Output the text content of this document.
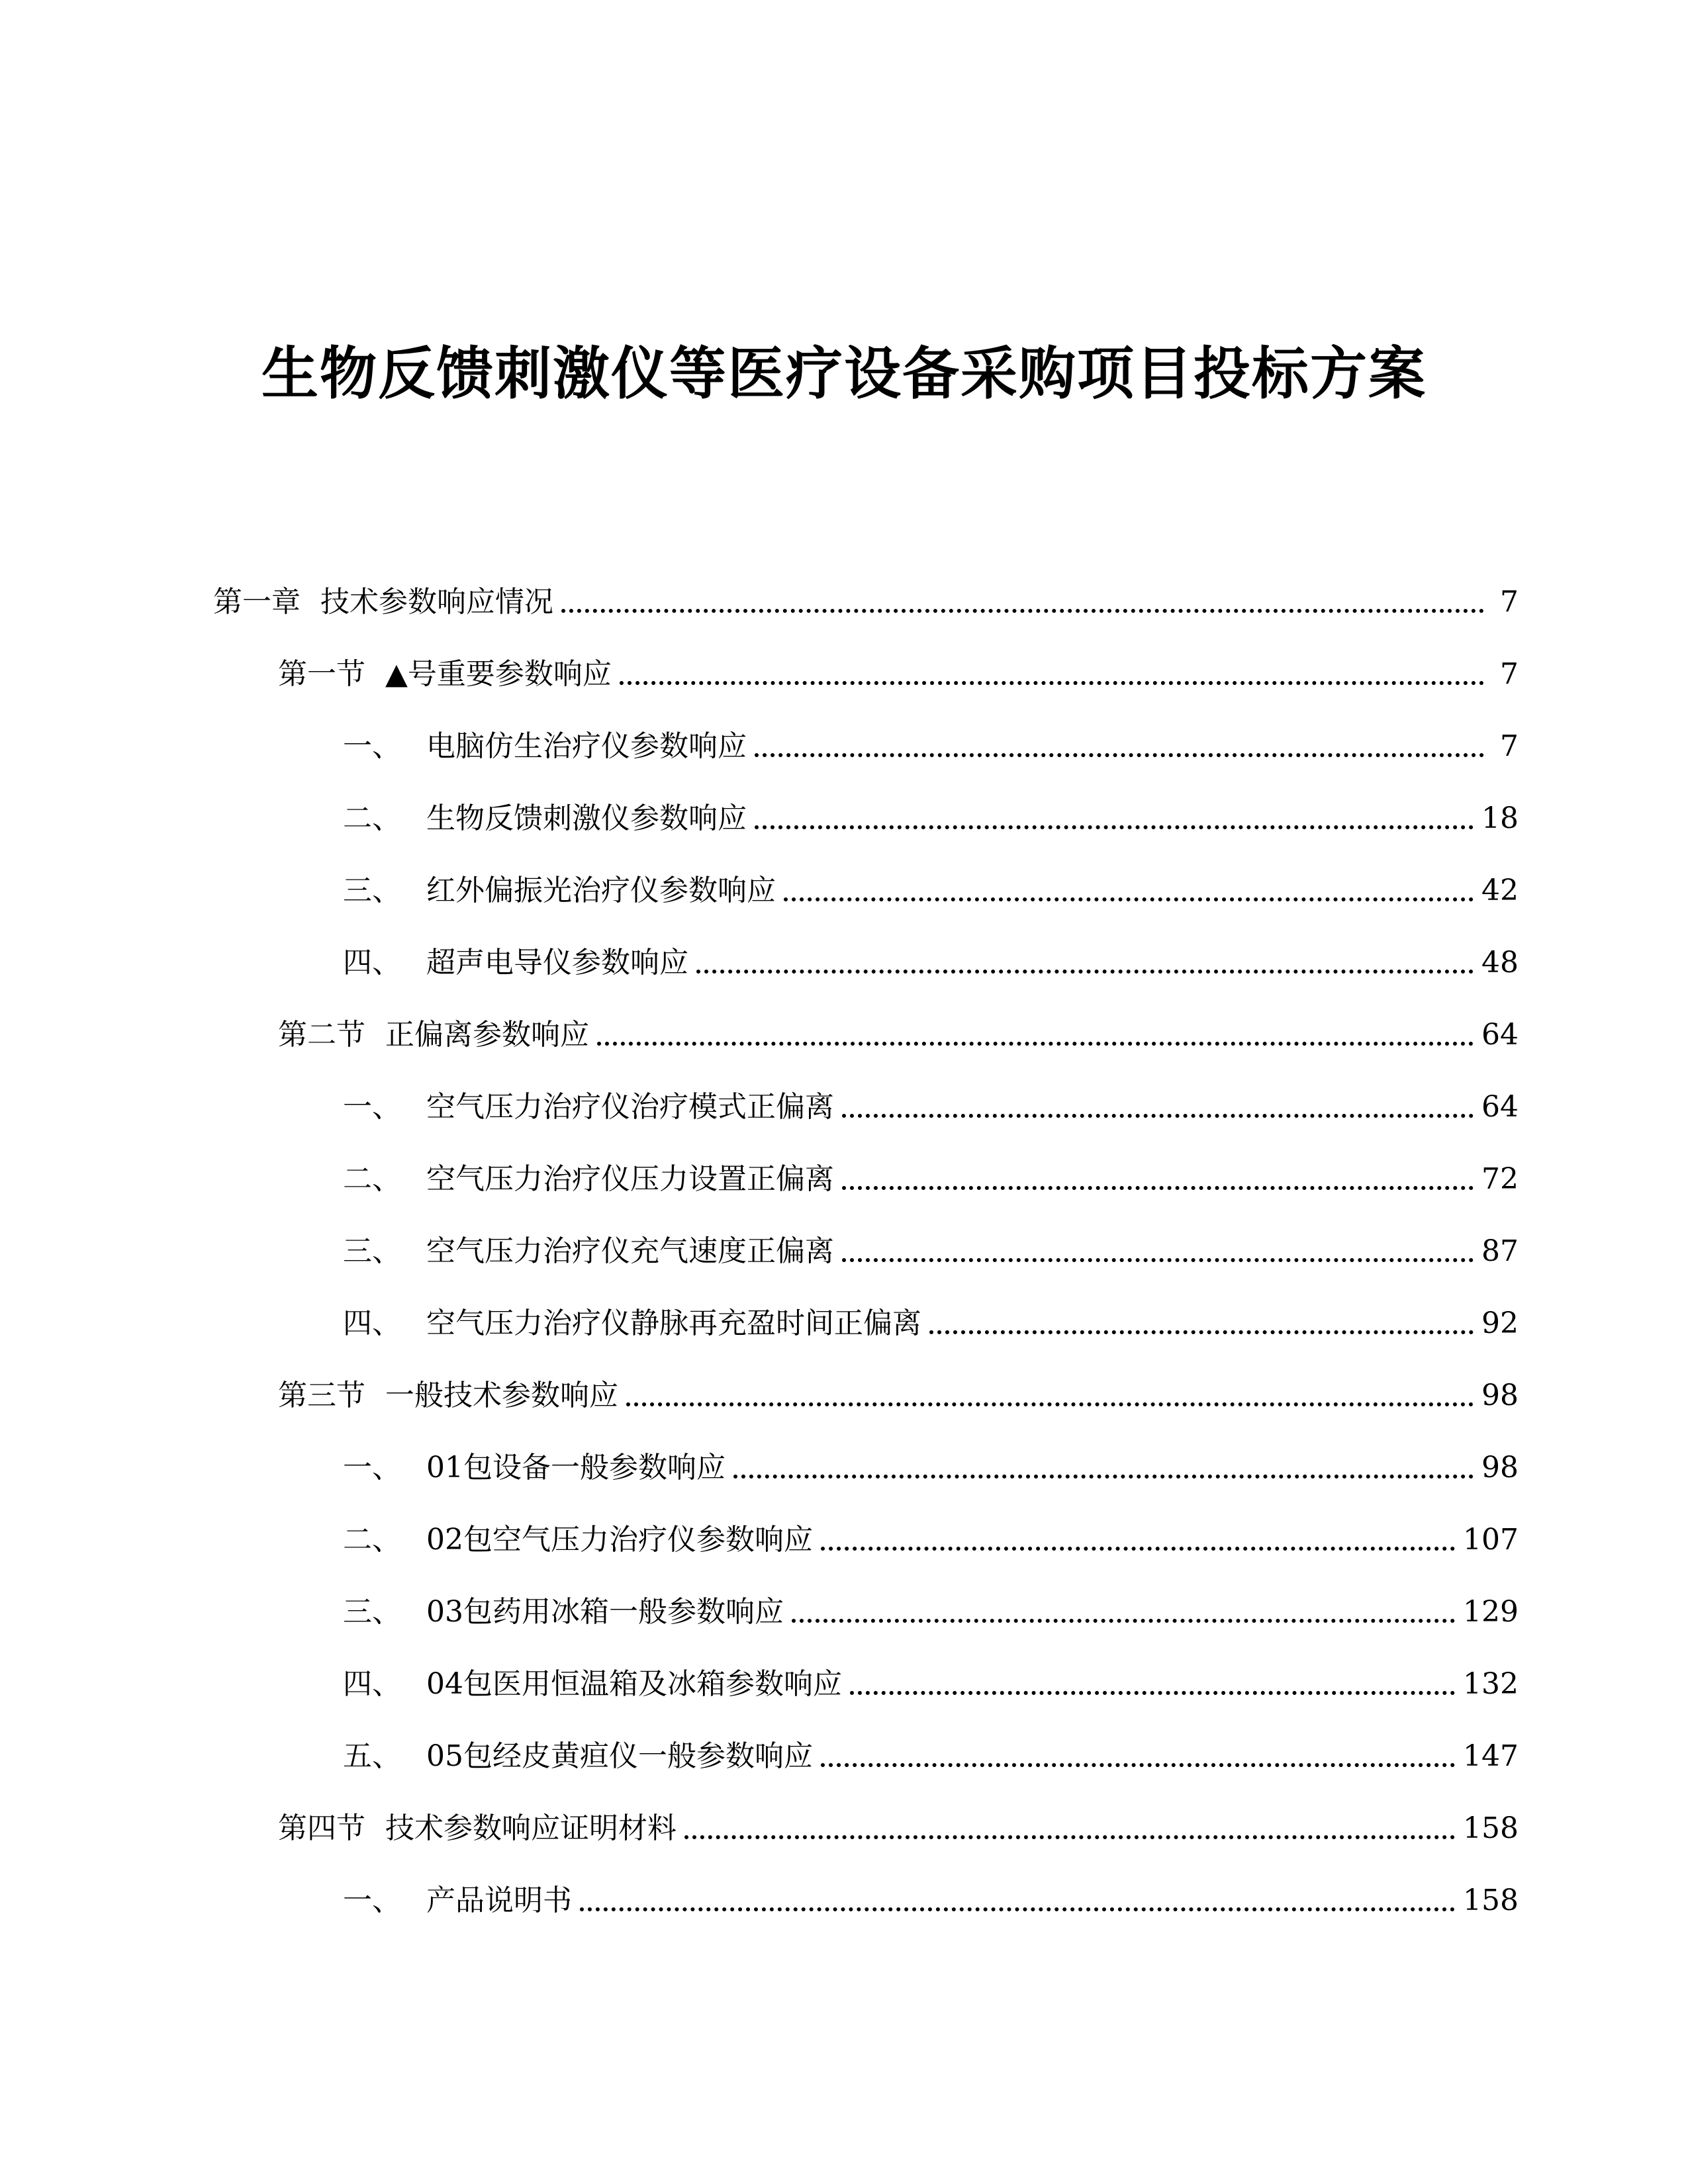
生物反馈刺激仪等医疗设备采购项目投标方案
第一章 技术参数响应情况	7
第一节 ▲号重要参数响应	7
一、 电脑仿生治疗仪参数响应	7
二、 生物反馈刺激仪参数响应	18
三、 红外偏振光治疗仪参数响应	42
四、 超声电导仪参数响应	48
第二节 正偏离参数响应	64
一、 空气压力治疗仪治疗模式正偏离	64
二、 空气压力治疗仪压力设置正偏离	72
三、 空气压力治疗仪充气速度正偏离	87
四、 空气压力治疗仪静脉再充盈时间正偏离	92
第三节 一般技术参数响应	98
一、 01包设备一般参数响应	98
二、 02包空气压力治疗仪参数响应	107
三、 03包药用冰箱一般参数响应	129
四、 04包医用恒温箱及冰箱参数响应	132
五、 05包经皮黄疸仪一般参数响应	147
第四节 技术参数响应证明材料	158
一、 产品说明书	158
